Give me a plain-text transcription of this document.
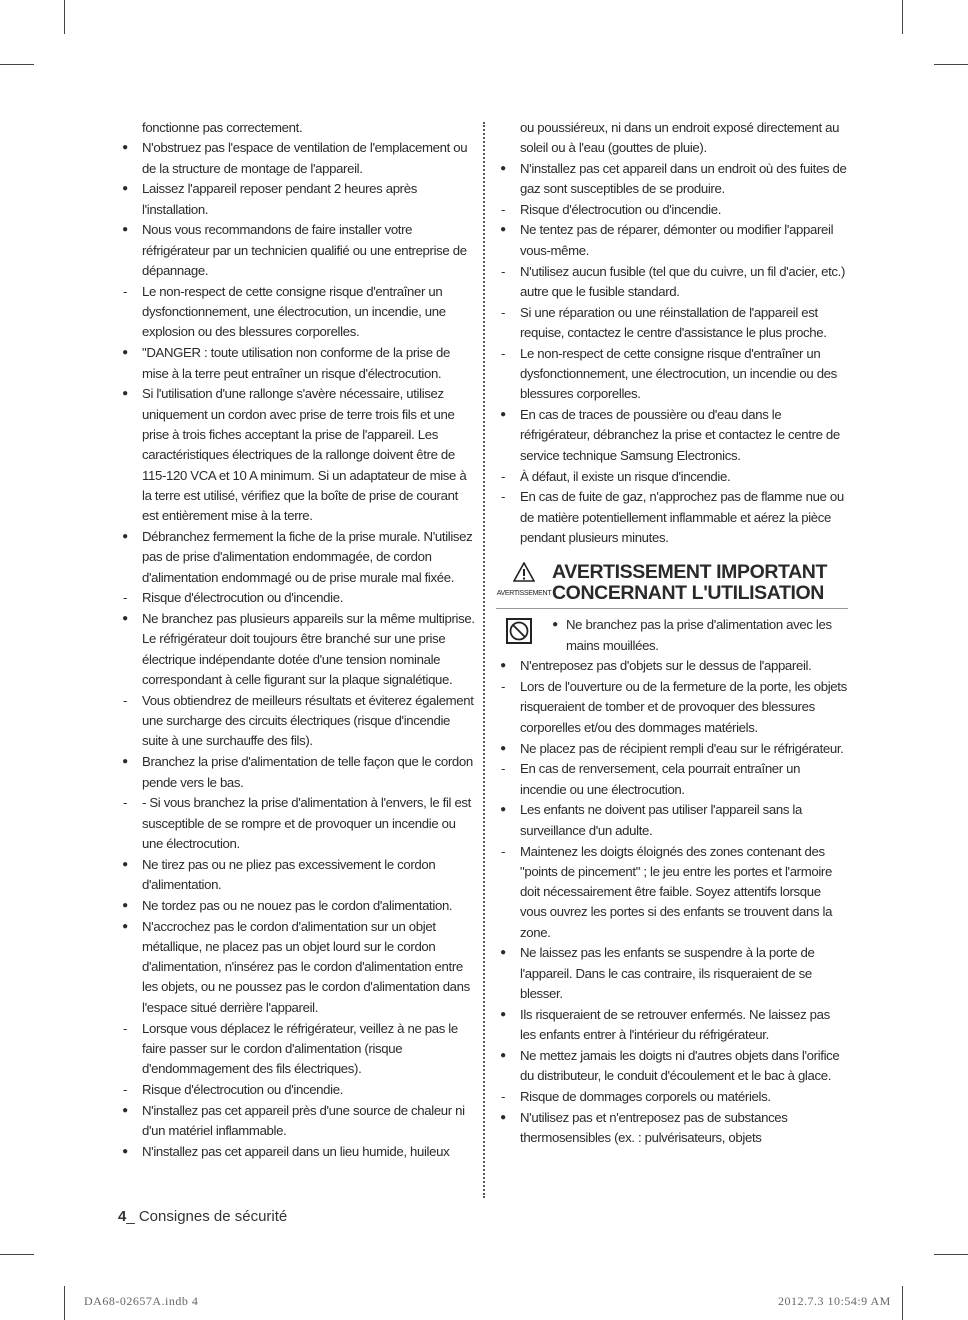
fonctionne pas correctement.
●	N'obstruez pas l'espace de ventilation de l'emplacement ou de la structure de montage de l'appareil.
●	Laissez l'appareil reposer pendant 2 heures après l'installation.
●	Nous vous recommandons de faire installer votre réfrigérateur par un technicien qualifié ou une entreprise de dépannage.
-	Le non-respect de cette consigne risque d'entraîner un dysfonctionnement, une électrocution, un incendie, une explosion ou des blessures corporelles.
●	"DANGER : toute utilisation non conforme de la prise de mise à la terre peut entraîner un risque d'électrocution.
●	Si l'utilisation d'une rallonge s'avère nécessaire, utilisez uniquement un cordon avec prise de terre trois fils et une prise à trois fiches acceptant la prise de l'appareil. Les caractéristiques électriques de la rallonge doivent être de 115-120 VCA et 10 A minimum. Si un adaptateur de mise à la terre est utilisé, vérifiez que la boîte de prise de courant est entièrement mise à la terre.
●	Débranchez fermement la fiche de la prise murale. N'utilisez pas de prise d'alimentation endommagée, de cordon d'alimentation endommagé ou de prise murale mal fixée.
-	Risque d'électrocution ou d'incendie.
●	Ne branchez pas plusieurs appareils sur la même multiprise. Le réfrigérateur doit toujours être branché sur une prise électrique indépendante dotée d'une tension nominale correspondant à celle figurant sur la plaque signalétique.
-	Vous obtiendrez de meilleurs résultats et éviterez également une surcharge des circuits électriques (risque d'incendie suite à une surchauffe des fils).
●	Branchez la prise d'alimentation de telle façon que le cordon pende vers le bas.
-	- Si vous branchez la prise d'alimentation à l'envers, le fil est susceptible de se rompre et de provoquer un incendie ou une électrocution.
●	Ne tirez pas ou ne pliez pas excessivement le cordon d'alimentation.
●	Ne tordez pas ou ne nouez pas le cordon d'alimentation.
●	N'accrochez pas le cordon d'alimentation sur un objet métallique, ne placez pas un objet lourd sur le cordon d'alimentation, n'insérez pas le cordon d'alimentation entre les objets, ou ne poussez pas le cordon d'alimentation dans l'espace situé derrière l'appareil.
-	Lorsque vous déplacez le réfrigérateur, veillez à ne pas le faire passer sur le cordon d'alimentation (risque d'endommagement des fils électriques).
-	Risque d'électrocution ou d'incendie.
●	N'installez pas cet appareil près d'une source de chaleur ni d'un matériel inflammable.
●	N'installez pas cet appareil dans un lieu humide, huileux
ou poussiéreux, ni dans un endroit exposé directement au soleil ou à l'eau (gouttes de pluie).
●	N'installez pas cet appareil dans un endroit où des fuites de gaz sont susceptibles de se produire.
-	Risque d'électrocution ou d'incendie.
●	Ne tentez pas de réparer, démonter ou modifier l'appareil vous-même.
-	N'utilisez aucun fusible (tel que du cuivre, un fil d'acier, etc.) autre que le fusible standard.
-	Si une réparation ou une réinstallation de l'appareil est requise, contactez le centre d'assistance le plus proche.
-	Le non-respect de cette consigne risque d'entraîner un dysfonctionnement, une électrocution, un incendie ou des blessures corporelles.
●	En cas de traces de poussière ou d'eau dans le réfrigérateur, débranchez la prise et contactez le centre de service technique Samsung Electronics.
-	À défaut, il existe un risque d'incendie.
-	En cas de fuite de gaz, n'approchez pas de flamme nue ou de matière potentiellement inflammable et aérez la pièce pendant plusieurs minutes.
AVERTISSEMENT
AVERTISSEMENT IMPORTANT
CONCERNANT L'UTILISATION
● Ne branchez pas la prise d'alimentation avec les mains mouillées.
●	N'entreposez pas d'objets sur le dessus de l'appareil.
-	Lors de l'ouverture ou de la fermeture de la porte, les objets risqueraient de tomber et de provoquer des blessures corporelles et/ou des dommages matériels.
●	Ne placez pas de récipient rempli d'eau sur le réfrigérateur.
-	En cas de renversement, cela pourrait entraîner un incendie ou une électrocution.
●	Les enfants ne doivent pas utiliser l'appareil sans la surveillance d'un adulte.
-	Maintenez les doigts éloignés des zones contenant des "points de pincement" ; le jeu entre les portes et l'armoire doit nécessairement être faible. Soyez attentifs lorsque vous ouvrez les portes si des enfants se trouvent dans la zone.
●	Ne laissez pas les enfants se suspendre à la porte de l'appareil. Dans le cas contraire, ils risqueraient de se blesser.
●	Ils risqueraient de se retrouver enfermés. Ne laissez pas les enfants entrer à l'intérieur du réfrigérateur.
●	Ne mettez jamais les doigts ni d'autres objets dans l'orifice du distributeur, le conduit d'écoulement et le bac à glace.
-	Risque de dommages corporels ou matériels.
●	N'utilisez pas et n'entreposez pas de substances thermosensibles (ex. : pulvérisateurs, objets
4_ Consignes de sécurité
DA68-02657A.indb 4	2012.7.3 10:54:9 AM
